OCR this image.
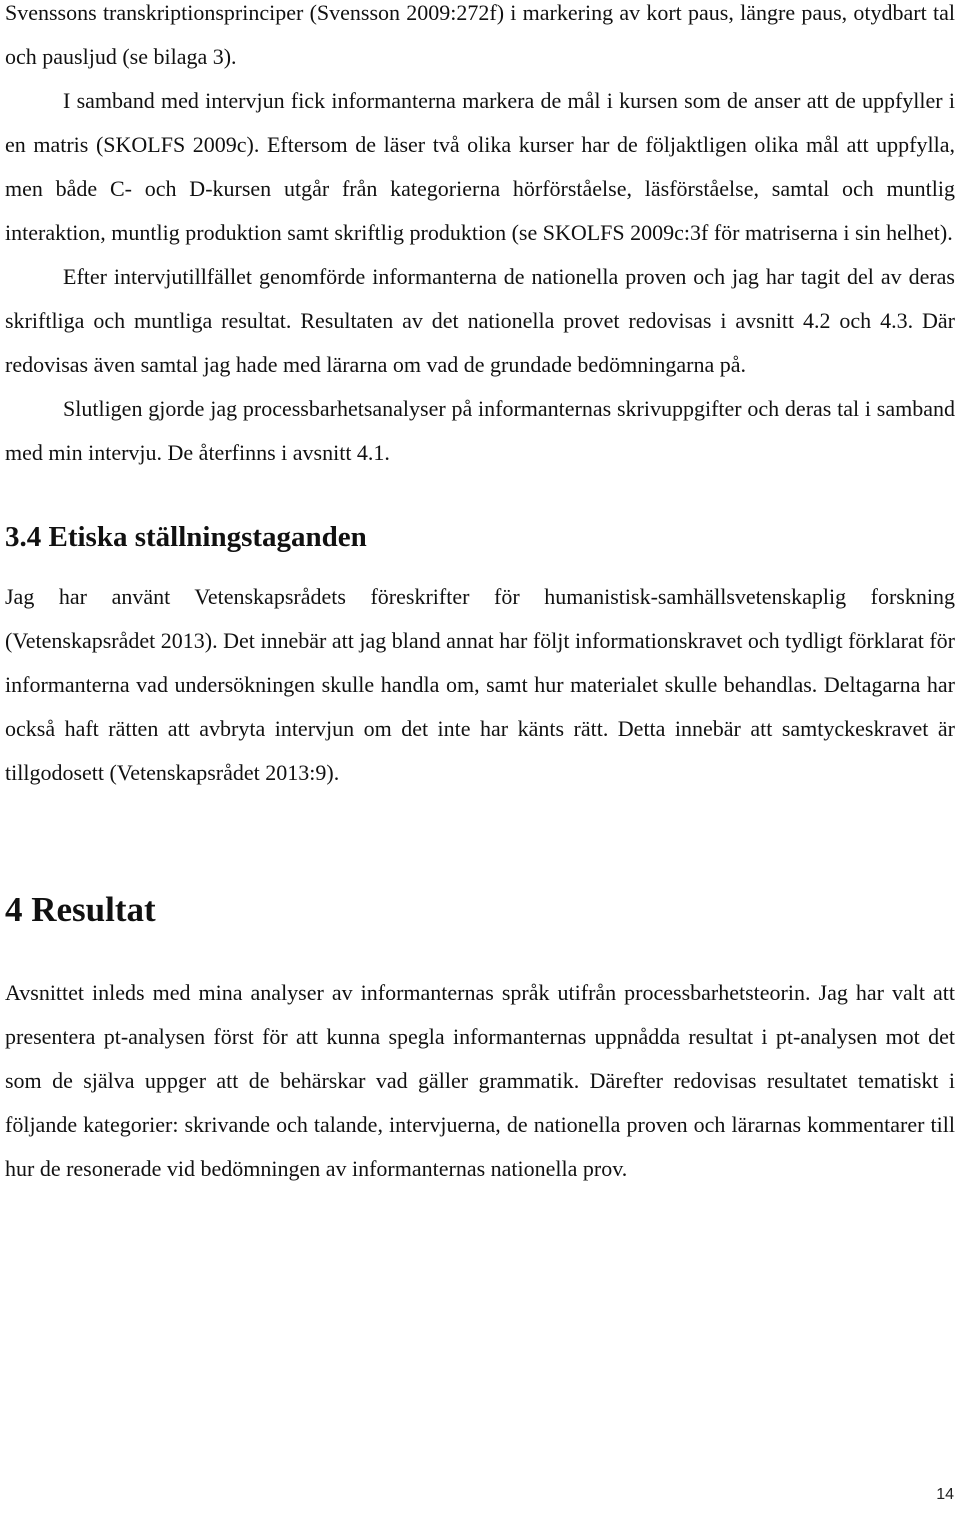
Svenssons transkriptionsprinciper (Svensson 2009:272f) i markering av kort paus, längre paus, otydbart tal och pausljud (se bilaga 3).

I samband med intervjun fick informanterna markera de mål i kursen som de anser att de uppfyller i en matris (SKOLFS 2009c). Eftersom de läser två olika kurser har de följaktligen olika mål att uppfylla, men både C- och D-kursen utgår från kategorierna hörförståelse, läsförståelse, samtal och muntlig interaktion, muntlig produktion samt skriftlig produktion (se SKOLFS 2009c:3f för matriserna i sin helhet).

Efter intervjutillfället genomförde informanterna de nationella proven och jag har tagit del av deras skriftliga och muntliga resultat. Resultaten av det nationella provet redovisas i avsnitt 4.2 och 4.3. Där redovisas även samtal jag hade med lärarna om vad de grundade bedömningarna på.

Slutligen gjorde jag processbarhetsanalyser på informanternas skrivuppgifter och deras tal i samband med min intervju. De återfinns i avsnitt 4.1.

3.4 Etiska ställningstaganden

Jag har använt Vetenskapsrådets föreskrifter för humanistisk-samhällsvetenskaplig forskning (Vetenskapsrådet 2013). Det innebär att jag bland annat har följt informationskravet och tydligt förklarat för informanterna vad undersökningen skulle handla om, samt hur materialet skulle behandlas. Deltagarna har också haft rätten att avbryta intervjun om det inte har känts rätt. Detta innebär att samtyckeskravet är tillgodosett (Vetenskapsrådet 2013:9).

4 Resultat

Avsnittet inleds med mina analyser av informanternas språk utifrån processbarhetsteorin. Jag har valt att presentera pt-analysen först för att kunna spegla informanternas uppnådda resultat i pt-analysen mot det som de själva uppger att de behärskar vad gäller grammatik. Därefter redovisas resultatet tematiskt i följande kategorier: skrivande och talande, intervjuerna, de nationella proven och lärarnas kommentarer till hur de resonerade vid bedömningen av informanternas nationella prov.

14
